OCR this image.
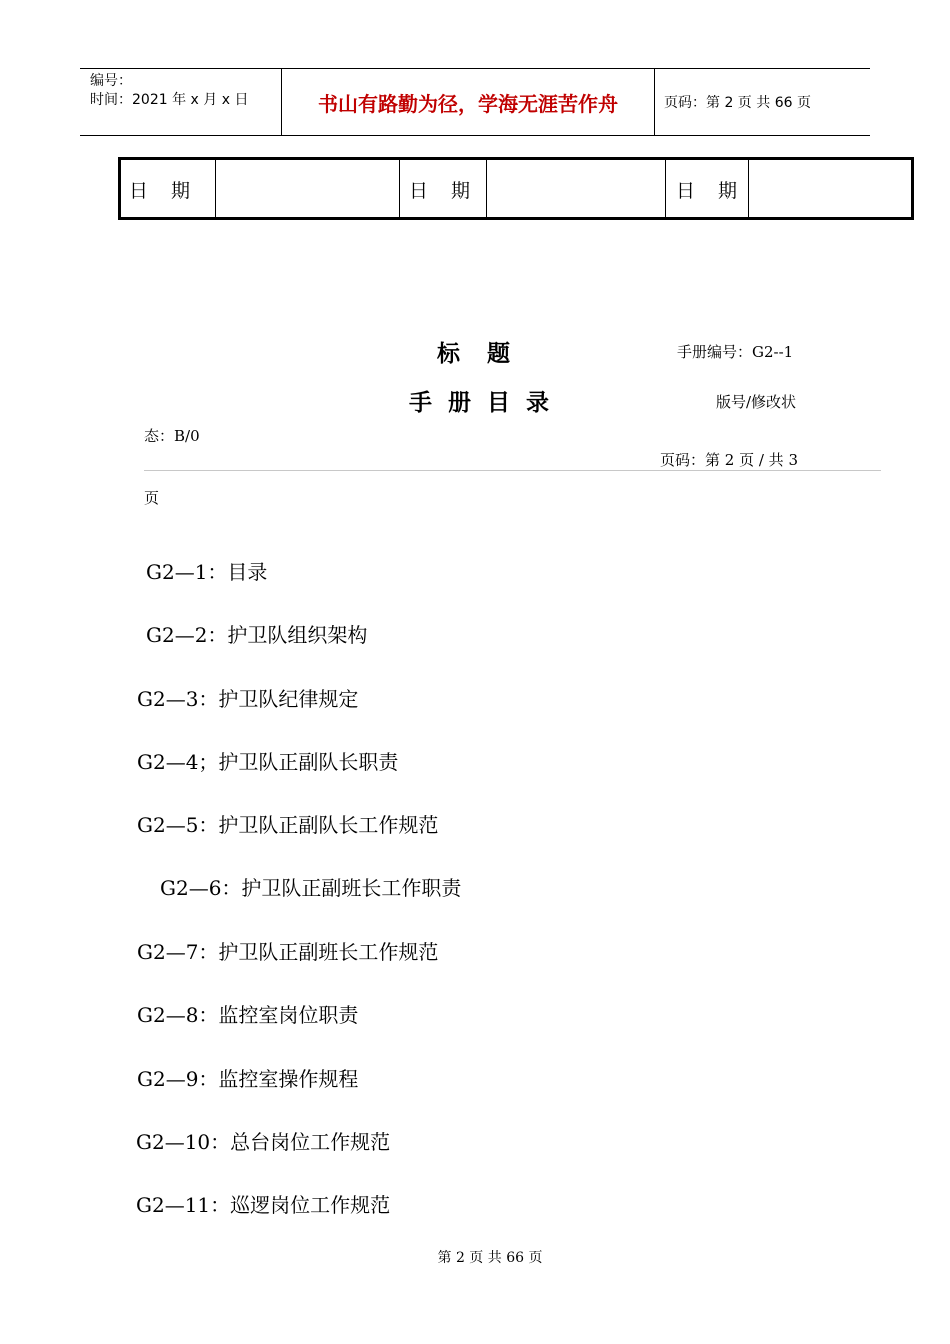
编号：
时间：2021 年 x 月 x 日	书山有路勤为径，学海无涯苦作舟	页码：第 2 页 共 66 页
日　期	日　期	日　期
标　题	手册编号：G2--1
手 册 目 录	版号/修改状
态：B/0
页码：第 2 页 / 共 3
页
G2—1：目录
G2—2：护卫队组织架构
G2—3：护卫队纪律规定
G2—4；护卫队正副队长职责
G2—5：护卫队正副队长工作规范
G2—6：护卫队正副班长工作职责
G2—7：护卫队正副班长工作规范
G2—8：监控室岗位职责
G2—9：监控室操作规程
G2—10：总台岗位工作规范
G2—11：巡逻岗位工作规范
第 2 页 共 66 页
